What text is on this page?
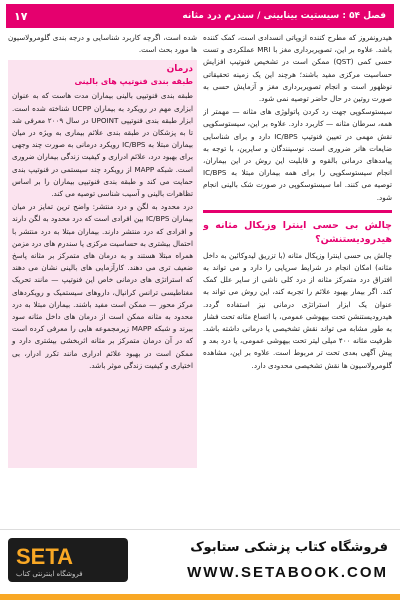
فصل ۵۴ : سیستیت بینابینی / سندرم درد مثانه
۱۷

هیدرونفروز که مطرح کننده ازوپاتی انسدادی است، کمک کننده باشد. علاوه بر این، تصویربرداری مغز با MRI عملکردی و تست حسی کمی (QST) ممکن است در تشخیص فنوتیپ افزایش حساسیت مرکزی مفید باشند؛ هرچند این یک زمینه تحقیقاتی نوظهور است و انجام تصویربرداری مغز و آزمایش حسی به صورت روتین در حال حاضر توصیه نمی شود.

سیستوسکوپی جهت رد کردن پاتولوژی های مثانه — مهمتر از همه، سرطان مثانه — کاربرد دارد. علاوه بر این، سیستوسکوپی نقش مهمی در تعیین فنوتیپ IC/BPS دارد و برای شناسایی ضایعات هانر ضروری است. نوسینندگان و سایرین، با توجه به پیامدهای درمانی بالقوه و قابلیت این روش در این بیماران، انجام سیستوسکوپی را برای همه بیماران مبتلا به IC/BPS توصیه می کنند. اما سیستوسکوپی در صورت شک بالینی انجام شود.

چالش بی حسی اینترا وزیکال مثانه و هیدرودیستنشن؟

چالش بی حسی اینترا وزیکال مثانه (با تزریق لیدوکائین به داخل مثانه) امکان انجام در شرایط سرپایی را دارد و می تواند به افتراق درد متمرکز مثانه از درد کلی ناشی از سایر علل کمک کند. اگر بیمار بهبود علائم را تجربه کند، این روش می تواند به عنوان یک ابزار استراتژی درمانی نیز استفاده گردد. هیدرودیستنشن تحت بیهوشی عمومی، با اتساع مثانه تحت فشار به طور مشابه می تواند نقش تشخیصی یا درمانی داشته باشد. ظرفیت مثانه ۴۰۰ میلی لیتر تحت بیهوشی عمومی، یا درد بعد و پیش آگهی بعدی تحت تر مربوط است. علاوه بر این، مشاهده گلومرولاسیون ها نقش تشخیصی محدودی دارد.

شده است، اگرچه کاربرد شناسایی و درجه بندی گلومرولاسیون ها مورد بحث است.

درمان
طبقه بندی فنوتیپ های بالینی

طبقه بندی فنوتیپی بالینی بیماران مدت هاست که به عنوان ابزاری مهم در رویکرد به بیماران UCPP شناخته شده است. ابزار طبقه بندی فنوتیپی UPOINT در سال ۲۰۰۹ معرفی شد تا به پزشکان در طبقه بندی علائم بیماری به ویژه در میان بیماران مبتلا به IC/BPS رویکرد درمانی به صورت چند وجهی برای بهبود درد، علائم ادراری و کیفیت زندگی بیماران ضروری است. شبکه MAPP از رویکرد چند سیستمی در فنوتیپ بندی حمایت می کند و طبقه بندی فنوتیپی بیماران را بر اساس تظاهرات بالینی و آسیب شناسی توصیه می کند.

درد محدود به لگن و درد منتشر: واضح ترین تمایز در میان بیماران IC/BPS بین افرادی است که درد محدود به لگن دارند و افرادی که درد منتشر دارند. بیماران مبتلا به درد منتشر با احتمال بیشتری به حساسیت مرکزی یا سندرم های درد مزمن همراه مبتلا هستند و به درمان های متمرکز بر مثانه پاسخ ضعیف تری می دهند. کارآزمایی های بالینی نشان می دهند که استراتژی های درمانی خاص این فنوتیپ — مانند تحریک مغناطیسی ترانس کرانیال، داروهای سیستمیک و رویکردهای مرکز محور — ممکن است مفید باشند. بیماران مبتلا به درد محدود به مثانه ممکن است از درمان های داخل مثانه سود ببرند و شبکه MAPP زیرمجموعه هایی را معرفی کرده است که در آن درمان متمرکز بر مثانه اثربخشی بیشتری دارد و ممکن است در بهبود علائم ادراری مانند تکرر ادرار، بی اختیاری و کیفیت زندگی موثر باشد.

SETA
فروشگاه اینترنتی کتاب
فروشگاه کتاب پزشکی ستابوک
WWW.SETABOOK.COM
